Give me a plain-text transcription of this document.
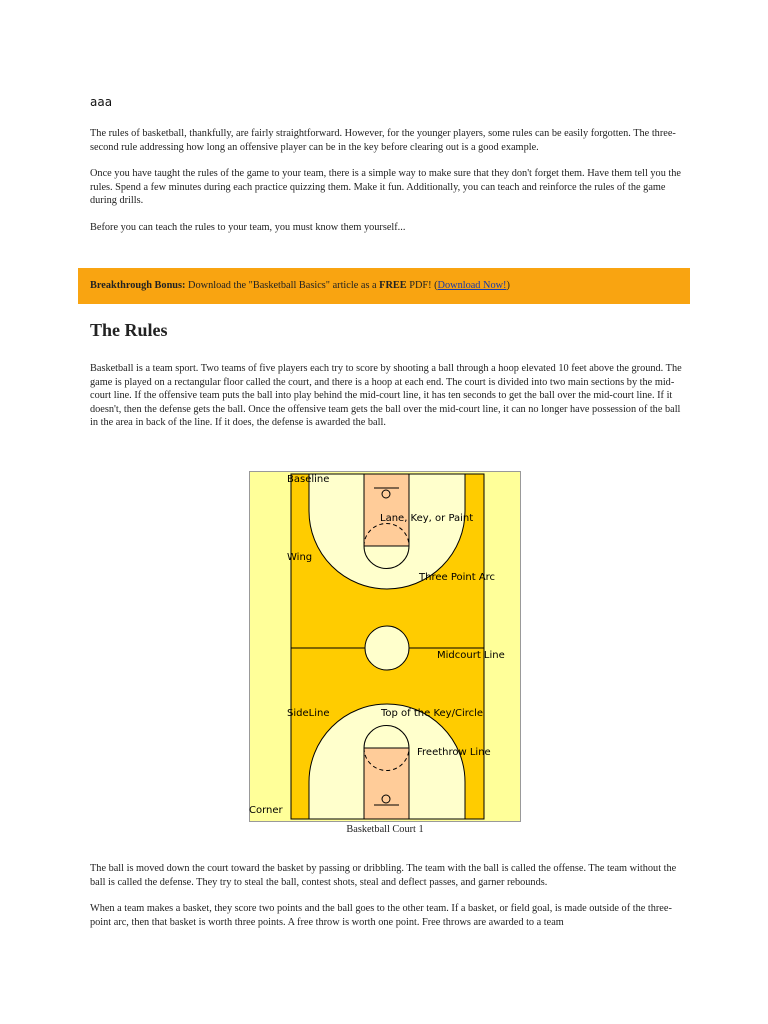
aaa

The rules of basketball, thankfully, are fairly straightforward. However, for the younger players, some rules can be easily forgotten. The three-second rule addressing how long an offensive player can be in the key before clearing out is a good example.

Once you have taught the rules of the game to your team, there is a simple way to make sure that they don't forget them. Have them tell you the rules. Spend a few minutes during each practice quizzing them. Make it fun. Additionally, you can teach and reinforce the rules of the game during drills.

Before you can teach the rules to your team, you must know them yourself...

Breakthrough Bonus: Download the "Basketball Basics" article as a FREE PDF! (Download Now!)
The Rules

Basketball is a team sport. Two teams of five players each try to score by shooting a ball through a hoop elevated 10 feet above the ground. The game is played on a rectangular floor called the court, and there is a hoop at each end. The court is divided into two main sections by the mid-court line. If the offensive team puts the ball into play behind the mid-court line, it has ten seconds to get the ball over the mid-court line. If it doesn't, then the defense gets the ball. Once the offensive team gets the ball over the mid-court line, it can no longer have possession of the ball in the area in back of the line. If it does, the defense is awarded the ball.

Baseline
Lane, Key, or Paint
Wing
Three Point Arc
Midcourt Line
SideLine	Top of the Key/Circle
Freethrow Line
Corner
Basketball Court 1

The ball is moved down the court toward the basket by passing or dribbling. The team with the ball is called the offense. The team without the ball is called the defense. They try to steal the ball, contest shots, steal and deflect passes, and garner rebounds.

When a team makes a basket, they score two points and the ball goes to the other team. If a basket, or field goal, is made outside of the three-point arc, then that basket is worth three points. A free throw is worth one point. Free throws are awarded to a team
